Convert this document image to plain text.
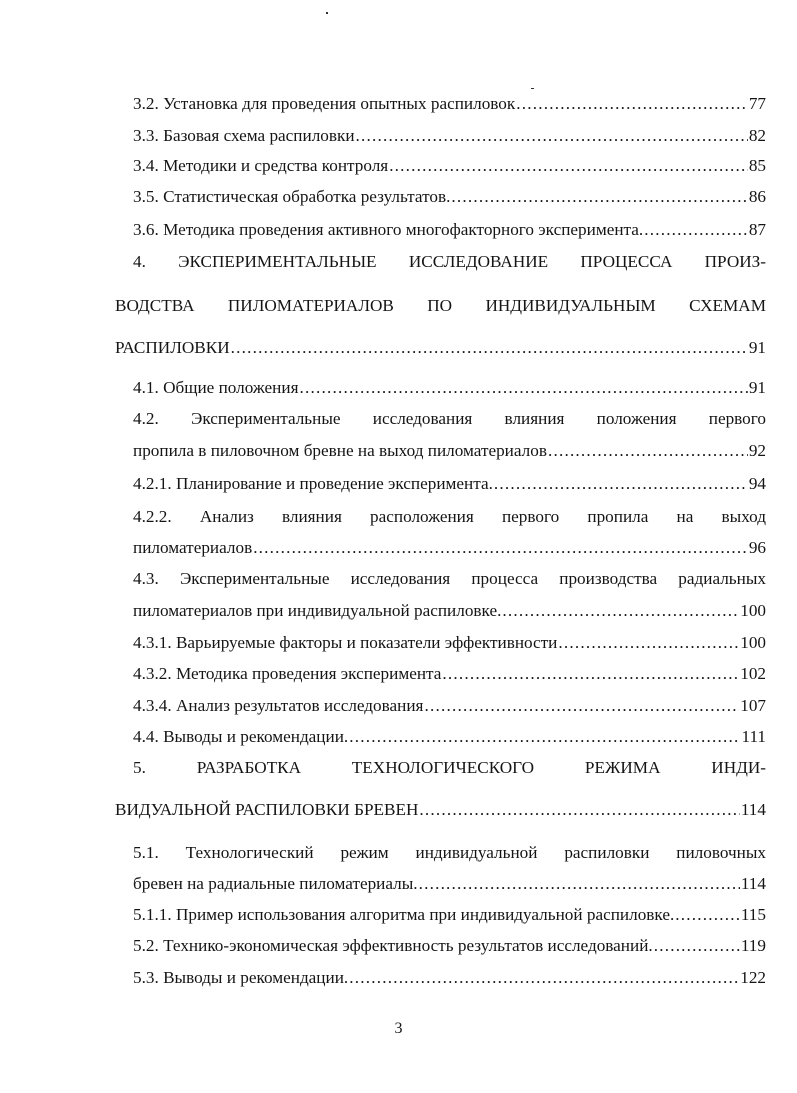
3.2. Установка для проведения опытных распиловок .....	77
3.3. Базовая схема распиловки .....	82
3.4. Методики и средства контроля .....	85
3.5. Статистическая обработка результатов. .....	86
3.6. Методика проведения активного многофакторного эксперимента. .....	87
4. ЭКСПЕРИМЕНТАЛЬНЫЕ ИССЛЕДОВАНИЕ ПРОЦЕССА ПРОИЗ-
ВОДСТВА ПИЛОМАТЕРИАЛОВ ПО ИНДИВИДУАЛЬНЫМ СХЕМАМ
РАСПИЛОВКИ .....	91
4.1. Общие положения .....	91
4.2. Экспериментальные исследования влияния положения первого
пропила в пиловочном бревне на выход пиломатериалов .....	92
4.2.1. Планирование и проведение эксперимента. .....	94
4.2.2. Анализ влияния расположения первого пропила на выход
пиломатериалов .....	96
4.3. Экспериментальные исследования процесса производства радиальных
пиломатериалов при индивидуальной распиловке. .....	100
4.3.1. Варьируемые факторы и показатели эффективности .....	100
4.3.2. Методика проведения эксперимента .....	102
4.3.4. Анализ результатов исследования .....	107
4.4. Выводы и рекомендации. .....	111
5. РАЗРАБОТКА ТЕХНОЛОГИЧЕСКОГО РЕЖИМА ИНДИ-
ВИДУАЛЬНОЙ РАСПИЛОВКИ БРЕВЕН .....	114
5.1. Технологический режим индивидуальной распиловки пиловочных
бревен на радиальные пиломатериалы. .....	114
5.1.1. Пример использования алгоритма при индивидуальной распиловке. .....	115
5.2. Технико-экономическая эффективность результатов исследований. .....	119
5.3. Выводы и рекомендации. .....	122
3
